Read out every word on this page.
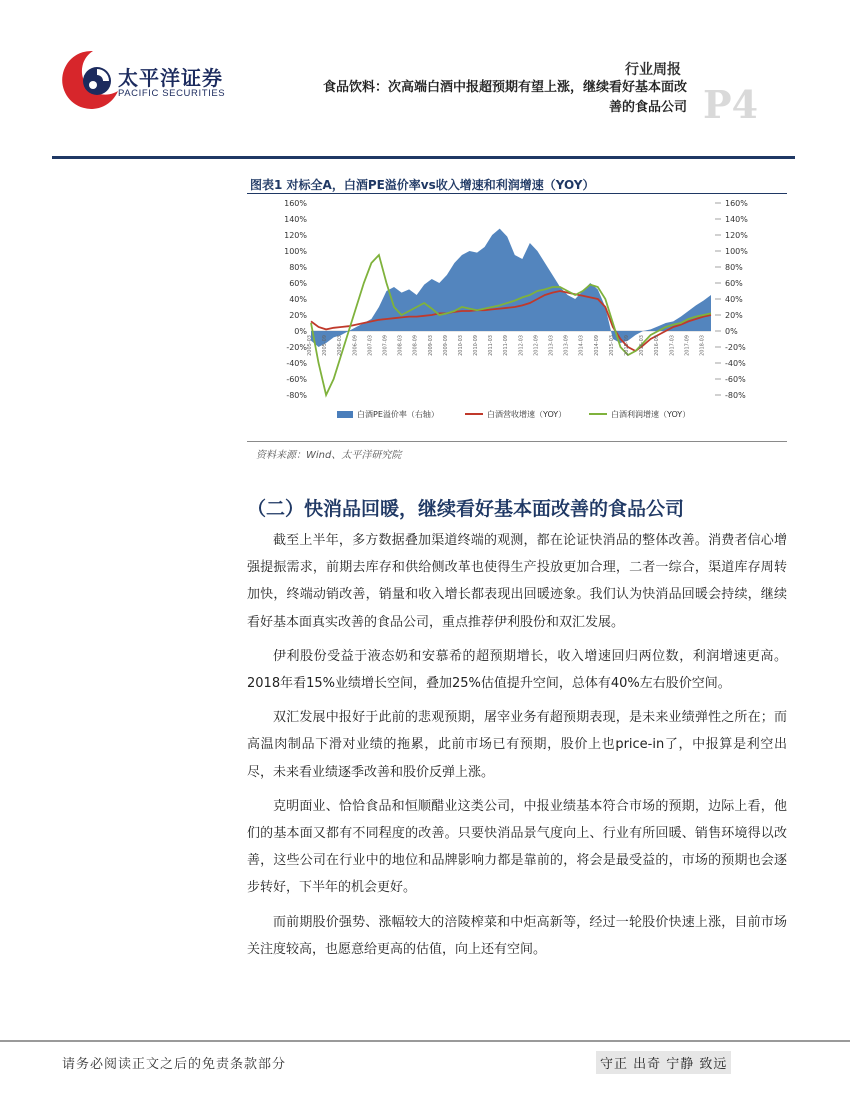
太平洋证券
PACIFIC SECURITIES
行业周报
食品饮料：次高端白酒中报超预期有望上涨，继续看好基本面改
善的食品公司 P4
图表1 对标全A，白酒PE溢价率vs收入增速和利润增速（YOY）
160%
140%
120%
100%
80%
60%
40%
20%
0%
-20%
-40%
-60%
-80%
160%
140%
120%
100%
80%
60%
40%
20%
0%
-20%
-40%
-60%
-80%
2005-03 2005-09 2006-03 2006-09 2007-03 2007-09 2008-03 2008-09 2009-03 2009-09 2010-03 2010-09 2011-03 2011-09 2012-03 2012-09 2013-03 2013-09 2014-03 2014-09 2015-03 2015-09 2016-03 2016-09 2017-03 2017-09 2018-03
白酒PE溢价率（右轴）	白酒营收增速（YOY）	白酒利润增速（YOY）
资料来源：Wind、太平洋研究院
（二）快消品回暖，继续看好基本面改善的食品公司

截至上半年，多方数据叠加渠道终端的观测，都在论证快消品的整体改善。消费者信心增强提振需求，前期去库存和供给侧改革也使得生产投放更加合理，二者一综合，渠道库存周转加快，终端动销改善，销量和收入增长都表现出回暖迹象。我们认为快消品回暖会持续，继续看好基本面真实改善的食品公司，重点推荐伊利股份和双汇发展。

伊利股份受益于液态奶和安慕希的超预期增长，收入增速回归两位数，利润增速更高。2018年看15%业绩增长空间，叠加25%估值提升空间，总体有40%左右股价空间。

双汇发展中报好于此前的悲观预期，屠宰业务有超预期表现，是未来业绩弹性之所在；而高温肉制品下滑对业绩的拖累，此前市场已有预期，股价上也price-in了，中报算是利空出尽，未来看业绩逐季改善和股价反弹上涨。

克明面业、恰恰食品和恒顺醋业这类公司，中报业绩基本符合市场的预期，边际上看，他们的基本面又都有不同程度的改善。只要快消品景气度向上、行业有所回暖、销售环境得以改善，这些公司在行业中的地位和品牌影响力都是靠前的，将会是最受益的，市场的预期也会逐步转好，下半年的机会更好。

而前期股价强势、涨幅较大的涪陵榨菜和中炬高新等，经过一轮股价快速上涨，目前市场关注度较高，也愿意给更高的估值，向上还有空间。

请务必阅读正文之后的免责条款部分	守正 出奇 宁静 致远
